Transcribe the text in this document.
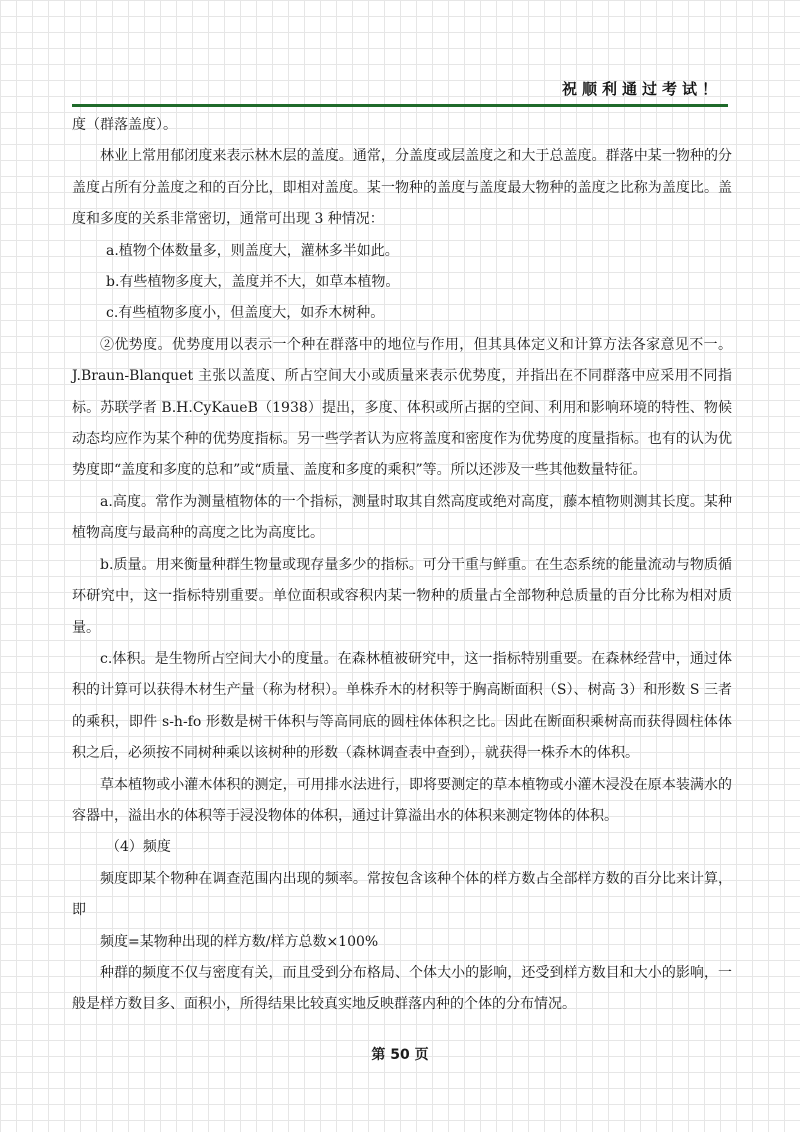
祝顺利通过考试！

度（群落盖度）。

林业上常用郁闭度来表示林木层的盖度。通常，分盖度或层盖度之和大于总盖度。群落中某一物种的分盖度占所有分盖度之和的百分比，即相对盖度。某一物种的盖度与盖度最大物种的盖度之比称为盖度比。盖度和多度的关系非常密切，通常可出现 3 种情况：

a.植物个体数量多，则盖度大，灌林多半如此。

b.有些植物多度大，盖度并不大，如草本植物。

c.有些植物多度小，但盖度大，如乔木树种。

②优势度。优势度用以表示一个种在群落中的地位与作用，但其具体定义和计算方法各家意见不一。J.Braun-Blanquet 主张以盖度、所占空间大小或质量来表示优势度，并指出在不同群落中应采用不同指标。苏联学者 B.H.CyKaueB（1938）提出，多度、体积或所占据的空间、利用和影响环境的特性、物候动态均应作为某个种的优势度指标。另一些学者认为应将盖度和密度作为优势度的度量指标。也有的认为优势度即“盖度和多度的总和”或“质量、盖度和多度的乘积”等。所以还涉及一些其他数量特征。

a.高度。常作为测量植物体的一个指标，测量时取其自然高度或绝对高度，藤本植物则测其长度。某种植物高度与最高种的高度之比为高度比。

b.质量。用来衡量种群生物量或现存量多少的指标。可分干重与鲜重。在生态系统的能量流动与物质循环研究中，这一指标特别重要。单位面积或容积内某一物种的质量占全部物种总质量的百分比称为相对质量。

c.体积。是生物所占空间大小的度量。在森林植被研究中，这一指标特别重要。在森林经营中，通过体积的计算可以获得木材生产量（称为材积）。单株乔木的材积等于胸高断面积（S）、树高 3）和形数 S 三者的乘积，即件 s-h-fo 形数是树干体积与等高同底的圆柱体体积之比。因此在断面积乘树高而获得圆柱体体积之后，必须按不同树种乘以该树种的形数（森林调查表中查到），就获得一株乔木的体积。

草本植物或小灌木体积的测定，可用排水法进行，即将要测定的草本植物或小灌木浸没在原本装满水的容器中，溢出水的体积等于浸没物体的体积，通过计算溢出水的体积来测定物体的体积。

（4）频度

频度即某个物种在调查范围内出现的频率。常按包含该种个体的样方数占全部样方数的百分比来计算，即

频度=某物种出现的样方数/样方总数×100%

种群的频度不仅与密度有关，而且受到分布格局、个体大小的影响，还受到样方数目和大小的影响，一般是样方数目多、面积小，所得结果比较真实地反映群落内种的个体的分布情况。

第 50 页
